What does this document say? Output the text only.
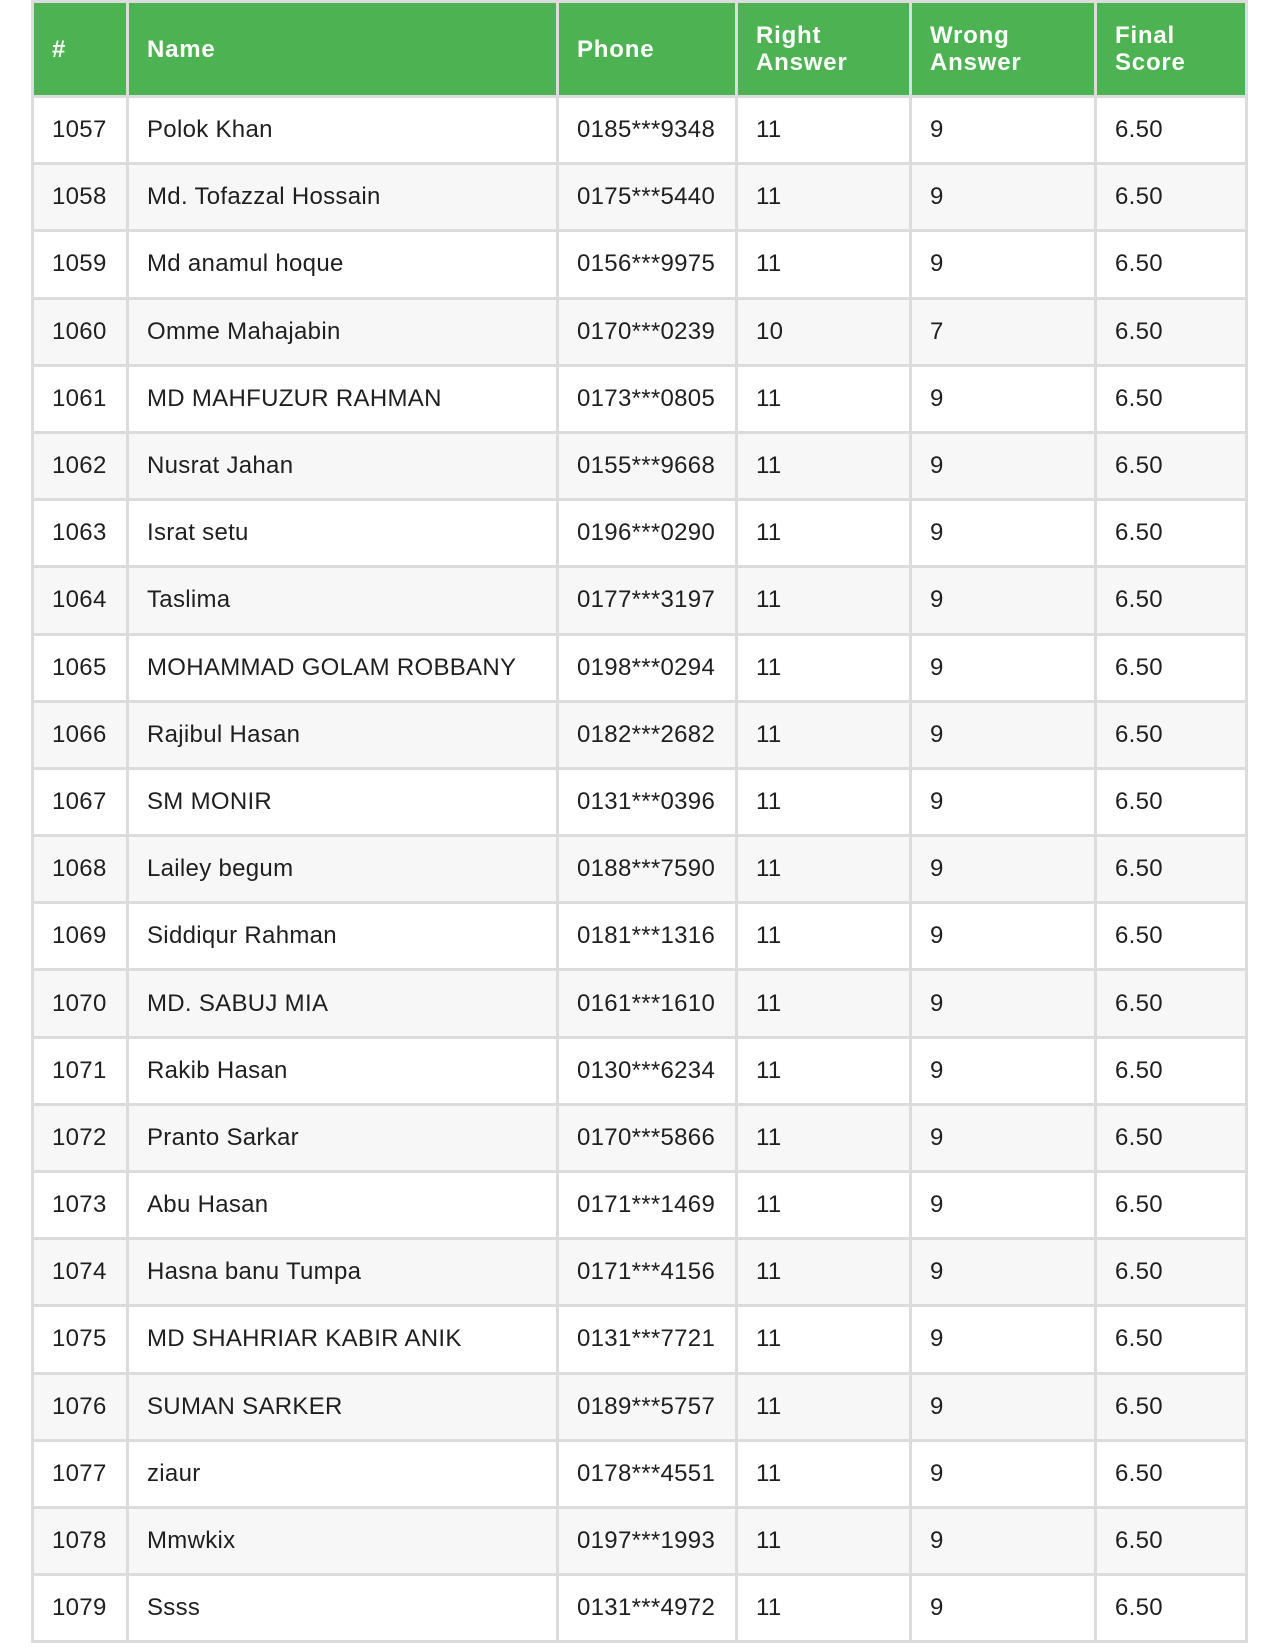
#	Name	Phone	Right Answer	Wrong Answer	Final Score

1057	Polok Khan	0185***9348	11	9	6.50
1058	Md. Tofazzal Hossain	0175***5440	11	9	6.50
1059	Md anamul hoque	0156***9975	11	9	6.50
1060	Omme Mahajabin	0170***0239	10	7	6.50
1061	MD MAHFUZUR RAHMAN	0173***0805	11	9	6.50
1062	Nusrat Jahan	0155***9668	11	9	6.50
1063	Israt setu	0196***0290	11	9	6.50
1064	Taslima	0177***3197	11	9	6.50
1065	MOHAMMAD GOLAM ROBBANY	0198***0294	11	9	6.50
1066	Rajibul Hasan	0182***2682	11	9	6.50
1067	SM MONIR	0131***0396	11	9	6.50
1068	Lailey begum	0188***7590	11	9	6.50
1069	Siddiqur Rahman	0181***1316	11	9	6.50
1070	MD. SABUJ MIA	0161***1610	11	9	6.50
1071	Rakib Hasan	0130***6234	11	9	6.50
1072	Pranto Sarkar	0170***5866	11	9	6.50
1073	Abu Hasan	0171***1469	11	9	6.50
1074	Hasna banu Tumpa	0171***4156	11	9	6.50
1075	MD SHAHRIAR KABIR ANIK	0131***7721	11	9	6.50
1076	SUMAN SARKER	0189***5757	11	9	6.50
1077	ziaur	0178***4551	11	9	6.50
1078	Mmwkix	0197***1993	11	9	6.50
1079	Ssss	0131***4972	11	9	6.50
